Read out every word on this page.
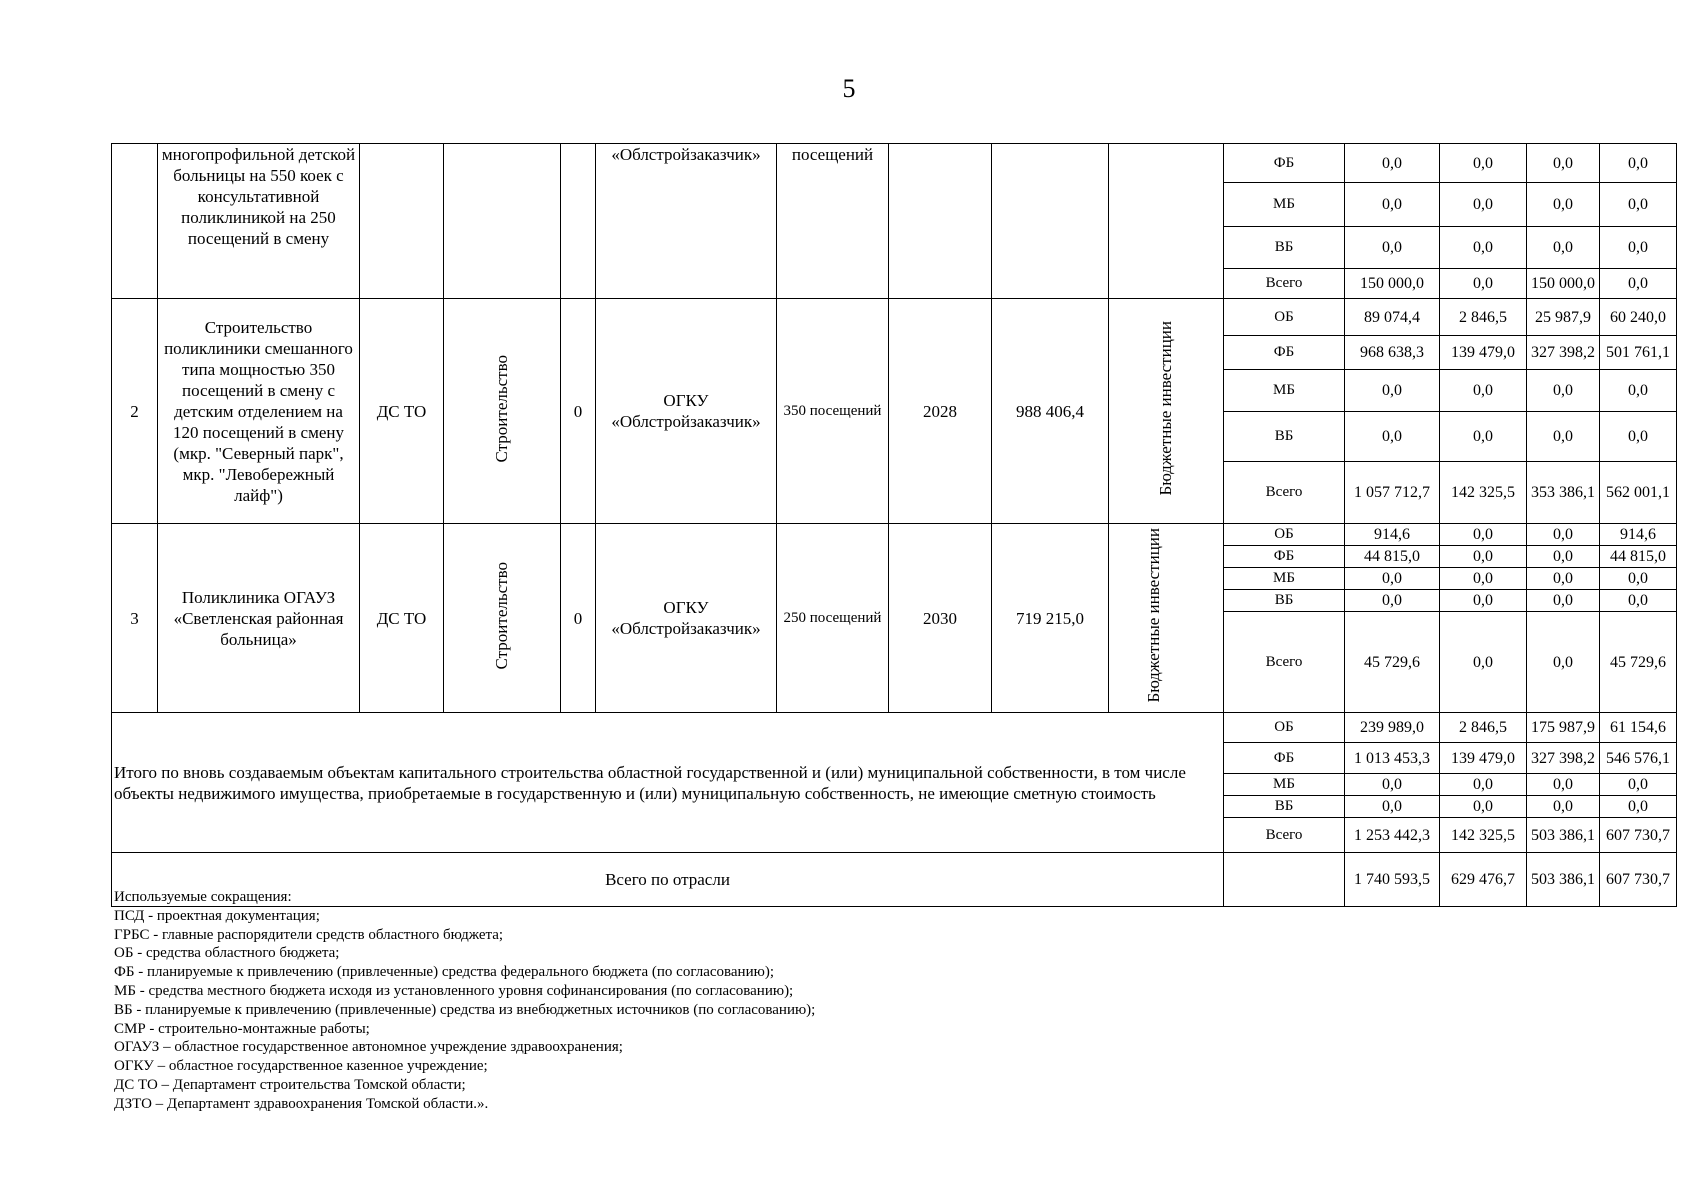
5
	многопрофильной детской больницы на 550 коек с консультативной поликлиникой на 250 посещений в смену				«Облстройзаказчик»	посещений				ФБ	0,0	0,0	0,0	0,0
										МБ	0,0	0,0	0,0	0,0
										ВБ	0,0	0,0	0,0	0,0
										Всего	150 000,0	0,0	150 000,0	0,0
2	Строительство поликлиники смешанного типа мощностью 350 посещений в смену с детским отделением на 120 посещений в смену (мкр. "Северный парк", мкр. "Левобережный лайф")	ДС ТО	Строительство	0	ОГКУ «Облстройзаказчик»	350 посещений	2028	988 406,4	Бюджетные инвестиции	ОБ	89 074,4	2 846,5	25 987,9	60 240,0
										ФБ	968 638,3	139 479,0	327 398,2	501 761,1
										МБ	0,0	0,0	0,0	0,0
										ВБ	0,0	0,0	0,0	0,0
										Всего	1 057 712,7	142 325,5	353 386,1	562 001,1
3	Поликлиника ОГАУЗ «Светленская районная больница»	ДС ТО	Строительство	0	ОГКУ «Облстройзаказчик»	250 посещений	2030	719 215,0	Бюджетные инвестиции	ОБ	914,6	0,0	0,0	914,6
										ФБ	44 815,0	0,0	0,0	44 815,0
										МБ	0,0	0,0	0,0	0,0
										ВБ	0,0	0,0	0,0	0,0
										Всего	45 729,6	0,0	0,0	45 729,6
Итого по вновь создаваемым объектам капитального строительства областной государственной и (или) муниципальной собственности, в том числе объекты недвижимого имущества, приобретаемые в государственную и (или) муниципальную собственность, не имеющие сметную стоимость										ОБ	239 989,0	2 846,5	175 987,9	61 154,6
										ФБ	1 013 453,3	139 479,0	327 398,2	546 576,1
										МБ	0,0	0,0	0,0	0,0
										ВБ	0,0	0,0	0,0	0,0
										Всего	1 253 442,3	142 325,5	503 386,1	607 730,7
Всего по отрасли											1 740 593,5	629 476,7	503 386,1	607 730,7
Используемые сокращения:
ПСД - проектная документация;
ГРБС - главные распорядители средств областного бюджета;
ОБ - средства областного бюджета;
ФБ - планируемые к привлечению (привлеченные) средства федерального бюджета (по согласованию);
МБ - средства местного бюджета исходя из установленного уровня софинансирования (по согласованию);
ВБ - планируемые к привлечению (привлеченные) средства из внебюджетных источников (по согласованию);
СМР - строительно-монтажные работы;
ОГАУЗ – областное государственное автономное учреждение здравоохранения;
ОГКУ – областное государственное казенное учреждение;
ДС ТО – Департамент строительства Томской области;
ДЗТО – Департамент здравоохранения Томской области.».
